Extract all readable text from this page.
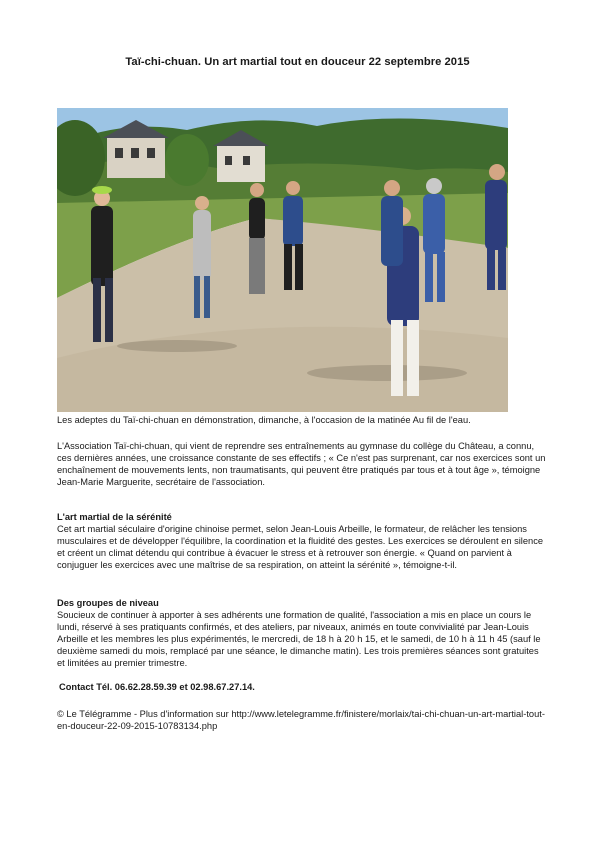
Taï-chi-chuan. Un art martial tout en douceur 22 septembre 2015

Les adeptes du Taï-chi-chuan en démonstration, dimanche, à l'occasion de la matinée Au fil de l'eau.

L'Association Taï-chi-chuan, qui vient de reprendre ses entraînements au gymnase du collège du Château, a connu, ces dernières années, une croissance constante de ses effectifs ; « Ce n'est pas surprenant, car nos exercices sont un enchaînement de mouvements lents, non traumatisants, qui peuvent être pratiqués par tous et à tout âge », témoigne Jean-Marie Marguerite, secrétaire de l'association.

L'art martial de la sérénité

Cet art martial séculaire d'origine chinoise permet, selon Jean-Louis Arbeille, le formateur, de relâcher les tensions musculaires et de développer l'équilibre, la coordination et la fluidité des gestes. Les exercices se déroulent en silence et créent un climat détendu qui contribue à évacuer le stress et à retrouver son énergie. « Quand on parvient à conjuguer les exercices avec une maîtrise de sa respiration, on atteint la sérénité », témoigne-t-il.

Des groupes de niveau

Soucieux de continuer à apporter à ses adhérents une formation de qualité, l'association a mis en place un cours le lundi, réservé à ses pratiquants confirmés, et des ateliers, par niveaux, animés en toute convivialité par Jean-Louis Arbeille et les membres les plus expérimentés, le mercredi, de 18 h à 20 h 15, et le samedi, de 10 h à 11 h 45 (sauf le deuxième samedi du mois, remplacé par une séance, le dimanche matin). Les trois premières séances sont gratuites et limitées au premier trimestre.

Contact Tél. 06.62.28.59.39 et 02.98.67.27.14.

© Le Télégramme - Plus d'information sur http://www.letelegramme.fr/finistere/morlaix/tai-chi-chuan-un-art-martial-tout-en-douceur-22-09-2015-10783134.php
